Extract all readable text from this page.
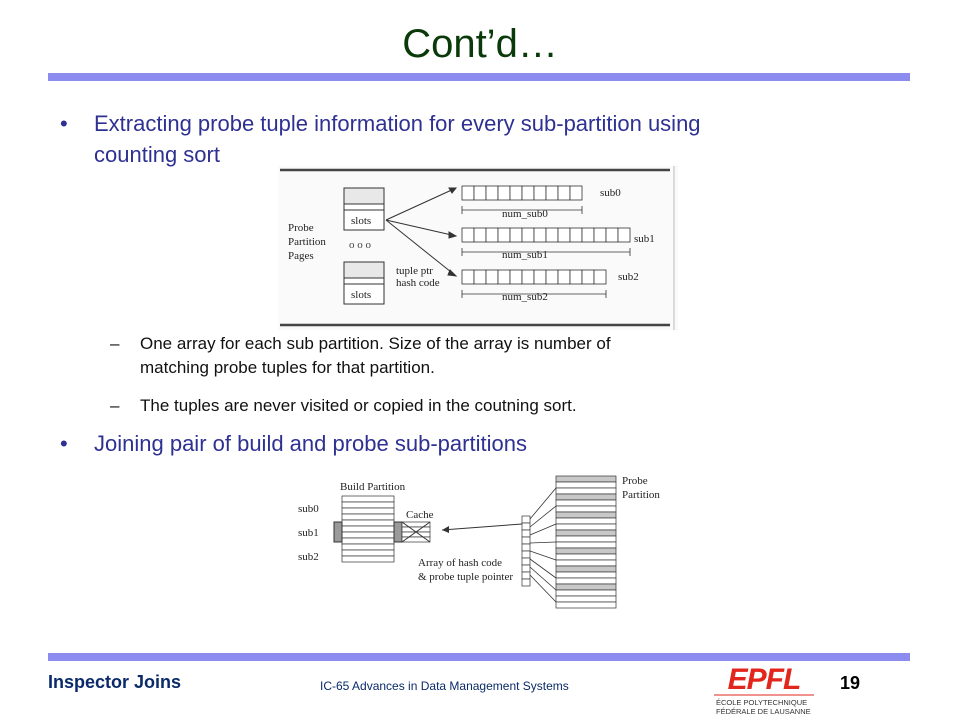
Cont’d…
• Extracting probe tuple information for every sub-partition using
counting sort
Probe
Partition
Pages
slots
o o o
slots
tuple ptr
hash code
sub0
num_sub0
sub1
num_sub1
sub2
num_sub2
– One array for each sub partition. Size of the array is number of
matching probe tuples for that partition.
– The tuples are never visited or copied in the coutning sort.
• Joining pair of build and probe sub-partitions
Build Partition
sub0
sub1
sub2
Cache
Array of hash code
& probe tuple pointer
Probe
Partition
Inspector Joins	IC-65 Advances in Data Management Systems	EPFL
ÉCOLE POLYTECHNIQUE
FÉDÉRALE DE LAUSANNE
19
